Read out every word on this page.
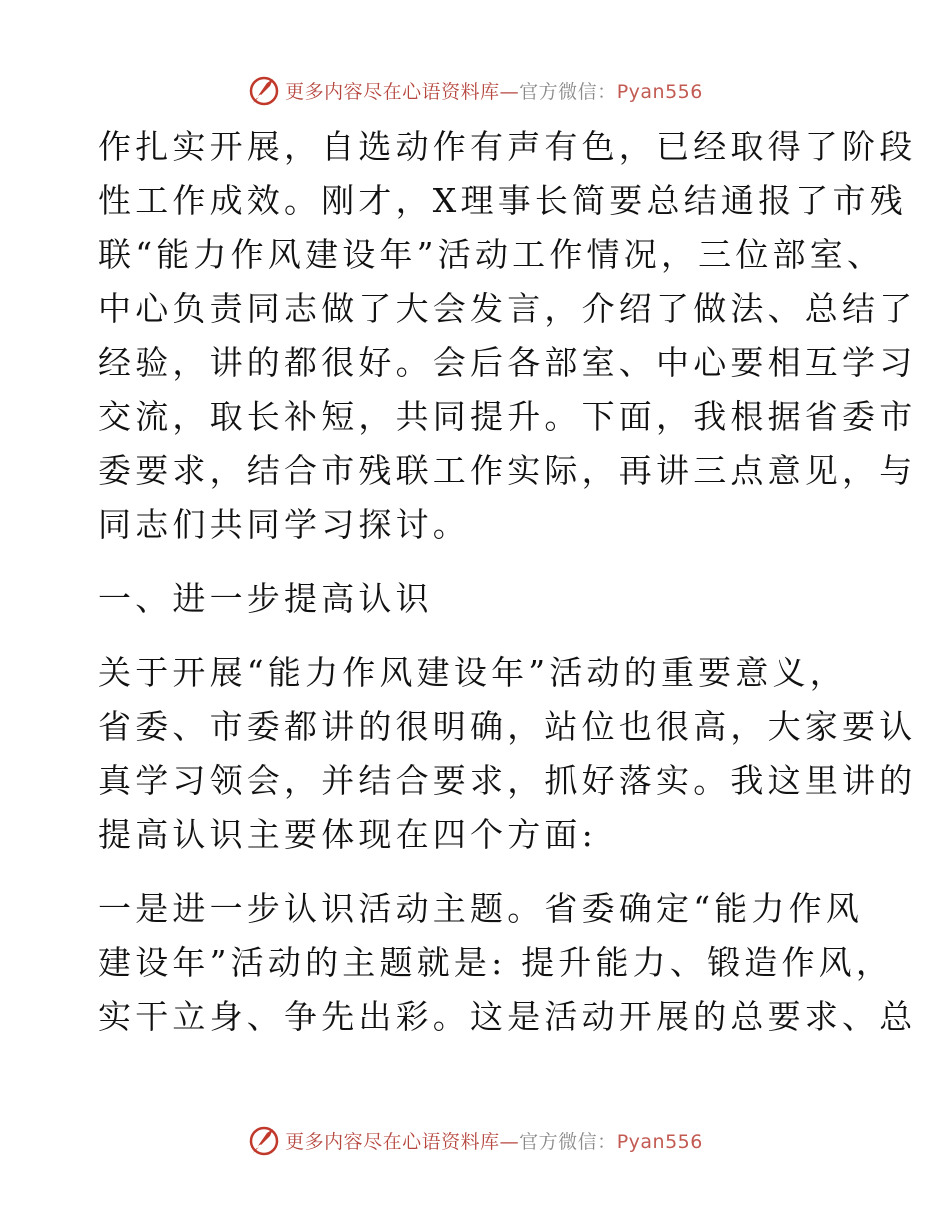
更多内容尽在心语资料库—官方微信：Pyan556

作扎实开展，自选动作有声有色，已经取得了阶段

性工作成效。刚才，X理事长简要总结通报了市残

联“能力作风建设年”活动工作情况，三位部室、

中心负责同志做了大会发言，介绍了做法、总结了

经验，讲的都很好。会后各部室、中心要相互学习

交流，取长补短，共同提升。下面，我根据省委市

委要求，结合市残联工作实际，再讲三点意见，与

同志们共同学习探讨。

一、进一步提高认识

关于开展“能力作风建设年”活动的重要意义，

省委、市委都讲的很明确，站位也很高，大家要认

真学习领会，并结合要求，抓好落实。我这里讲的

提高认识主要体现在四个方面:

一是进一步认识活动主题。省委确定“能力作风

建设年”活动的主题就是: 提升能力、锻造作风，

实干立身、争先出彩。这是活动开展的总要求、总

更多内容尽在心语资料库—官方微信：Pyan556
